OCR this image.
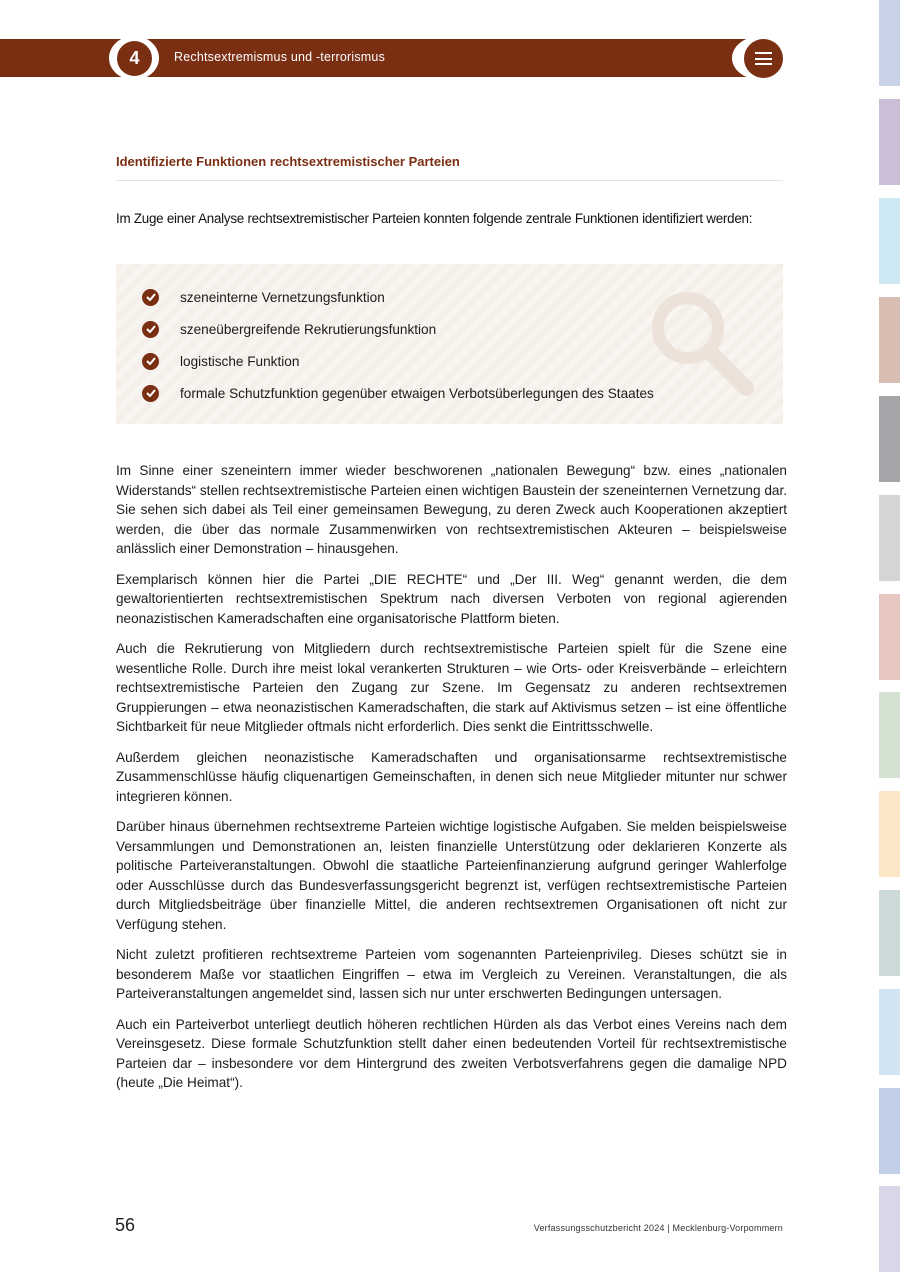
4	Rechtsextremismus und -terrorismus
Identifizierte Funktionen rechtsextremistischer Parteien
Im Zuge einer Analyse rechtsextremistischer Parteien konnten folgende zentrale Funktionen identifiziert werden:
szeneinterne Vernetzungsfunktion
szeneübergreifende Rekrutierungsfunktion
logistische Funktion
formale Schutzfunktion gegenüber etwaigen Verbotsüberlegungen des Staates

Im Sinne einer szeneintern immer wieder beschworenen „nationalen Bewegung“ bzw. eines „nationalen Widerstands“ stellen rechtsextremistische Parteien einen wichtigen Baustein der szeneinternen Vernetzung dar. Sie sehen sich dabei als Teil einer gemeinsamen Bewegung, zu deren Zweck auch Kooperationen akzeptiert werden, die über das normale Zusammenwirken von rechtsextremistischen Akteuren – beispielsweise anlässlich einer Demonstration – hinausgehen.

Exemplarisch können hier die Partei „DIE RECHTE“ und „Der III. Weg“ genannt werden, die dem gewaltorientierten rechtsextremistischen Spektrum nach diversen Verboten von regional agierenden neonazistischen Kameradschaften eine organisatorische Plattform bieten.

Auch die Rekrutierung von Mitgliedern durch rechtsextremistische Parteien spielt für die Szene eine wesentliche Rolle. Durch ihre meist lokal verankerten Strukturen – wie Orts- oder Kreisverbände – erleichtern rechtsextremistische Parteien den Zugang zur Szene. Im Gegensatz zu anderen rechtsextremen Gruppierungen – etwa neonazistischen Kameradschaften, die stark auf Aktivismus setzen – ist eine öffentliche Sichtbarkeit für neue Mitglieder oftmals nicht erforderlich. Dies senkt die Eintrittsschwelle.

Außerdem gleichen neonazistische Kameradschaften und organisationsarme rechtsextremistische Zusammenschlüsse häufig cliquenartigen Gemeinschaften, in denen sich neue Mitglieder mitunter nur schwer integrieren können.

Darüber hinaus übernehmen rechtsextreme Parteien wichtige logistische Aufgaben. Sie melden beispielsweise Versammlungen und Demonstrationen an, leisten finanzielle Unterstützung oder deklarieren Konzerte als politische Parteiveranstaltungen. Obwohl die staatliche Parteienfinanzierung aufgrund geringer Wahlerfolge oder Ausschlüsse durch das Bundesverfassungsgericht begrenzt ist, verfügen rechtsextremistische Parteien durch Mitgliedsbeiträge über finanzielle Mittel, die anderen rechtsextremen Organisationen oft nicht zur Verfügung stehen.

Nicht zuletzt profitieren rechtsextreme Parteien vom sogenannten Parteienprivileg. Dieses schützt sie in besonderem Maße vor staatlichen Eingriffen – etwa im Vergleich zu Vereinen. Veranstaltungen, die als Parteiveranstaltungen angemeldet sind, lassen sich nur unter erschwerten Bedingungen untersagen.

Auch ein Parteiverbot unterliegt deutlich höheren rechtlichen Hürden als das Verbot eines Vereins nach dem Vereinsgesetz. Diese formale Schutzfunktion stellt daher einen bedeutenden Vorteil für rechtsextremistische Parteien dar – insbesondere vor dem Hintergrund des zweiten Verbotsverfahrens gegen die damalige NPD (heute „Die Heimat“).

56	Verfassungsschutzbericht 2024 | Mecklenburg-Vorpommern
